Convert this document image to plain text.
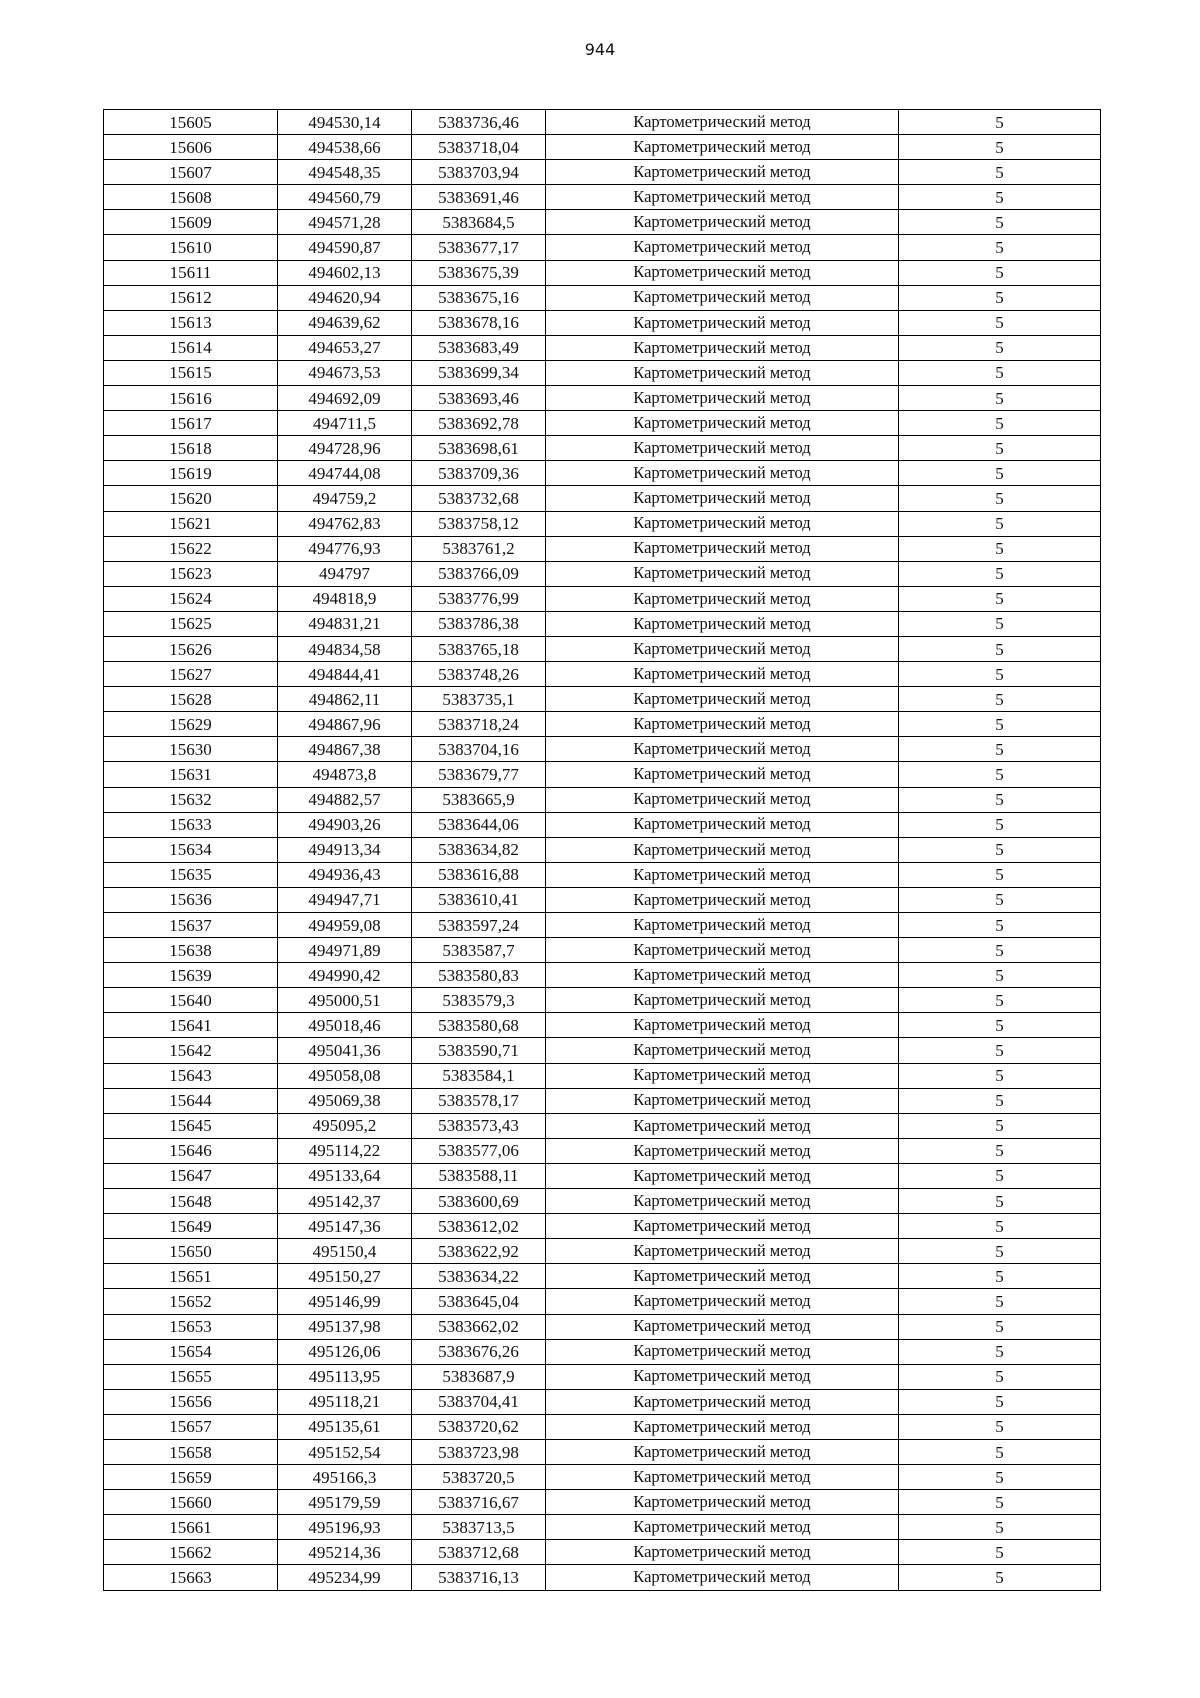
944
15605	494530,14	5383736,46	Картометрический метод	5
15606	494538,66	5383718,04	Картометрический метод	5
15607	494548,35	5383703,94	Картометрический метод	5
15608	494560,79	5383691,46	Картометрический метод	5
15609	494571,28	5383684,5	Картометрический метод	5
15610	494590,87	5383677,17	Картометрический метод	5
15611	494602,13	5383675,39	Картометрический метод	5
15612	494620,94	5383675,16	Картометрический метод	5
15613	494639,62	5383678,16	Картометрический метод	5
15614	494653,27	5383683,49	Картометрический метод	5
15615	494673,53	5383699,34	Картометрический метод	5
15616	494692,09	5383693,46	Картометрический метод	5
15617	494711,5	5383692,78	Картометрический метод	5
15618	494728,96	5383698,61	Картометрический метод	5
15619	494744,08	5383709,36	Картометрический метод	5
15620	494759,2	5383732,68	Картометрический метод	5
15621	494762,83	5383758,12	Картометрический метод	5
15622	494776,93	5383761,2	Картометрический метод	5
15623	494797	5383766,09	Картометрический метод	5
15624	494818,9	5383776,99	Картометрический метод	5
15625	494831,21	5383786,38	Картометрический метод	5
15626	494834,58	5383765,18	Картометрический метод	5
15627	494844,41	5383748,26	Картометрический метод	5
15628	494862,11	5383735,1	Картометрический метод	5
15629	494867,96	5383718,24	Картометрический метод	5
15630	494867,38	5383704,16	Картометрический метод	5
15631	494873,8	5383679,77	Картометрический метод	5
15632	494882,57	5383665,9	Картометрический метод	5
15633	494903,26	5383644,06	Картометрический метод	5
15634	494913,34	5383634,82	Картометрический метод	5
15635	494936,43	5383616,88	Картометрический метод	5
15636	494947,71	5383610,41	Картометрический метод	5
15637	494959,08	5383597,24	Картометрический метод	5
15638	494971,89	5383587,7	Картометрический метод	5
15639	494990,42	5383580,83	Картометрический метод	5
15640	495000,51	5383579,3	Картометрический метод	5
15641	495018,46	5383580,68	Картометрический метод	5
15642	495041,36	5383590,71	Картометрический метод	5
15643	495058,08	5383584,1	Картометрический метод	5
15644	495069,38	5383578,17	Картометрический метод	5
15645	495095,2	5383573,43	Картометрический метод	5
15646	495114,22	5383577,06	Картометрический метод	5
15647	495133,64	5383588,11	Картометрический метод	5
15648	495142,37	5383600,69	Картометрический метод	5
15649	495147,36	5383612,02	Картометрический метод	5
15650	495150,4	5383622,92	Картометрический метод	5
15651	495150,27	5383634,22	Картометрический метод	5
15652	495146,99	5383645,04	Картометрический метод	5
15653	495137,98	5383662,02	Картометрический метод	5
15654	495126,06	5383676,26	Картометрический метод	5
15655	495113,95	5383687,9	Картометрический метод	5
15656	495118,21	5383704,41	Картометрический метод	5
15657	495135,61	5383720,62	Картометрический метод	5
15658	495152,54	5383723,98	Картометрический метод	5
15659	495166,3	5383720,5	Картометрический метод	5
15660	495179,59	5383716,67	Картометрический метод	5
15661	495196,93	5383713,5	Картометрический метод	5
15662	495214,36	5383712,68	Картометрический метод	5
15663	495234,99	5383716,13	Картометрический метод	5
